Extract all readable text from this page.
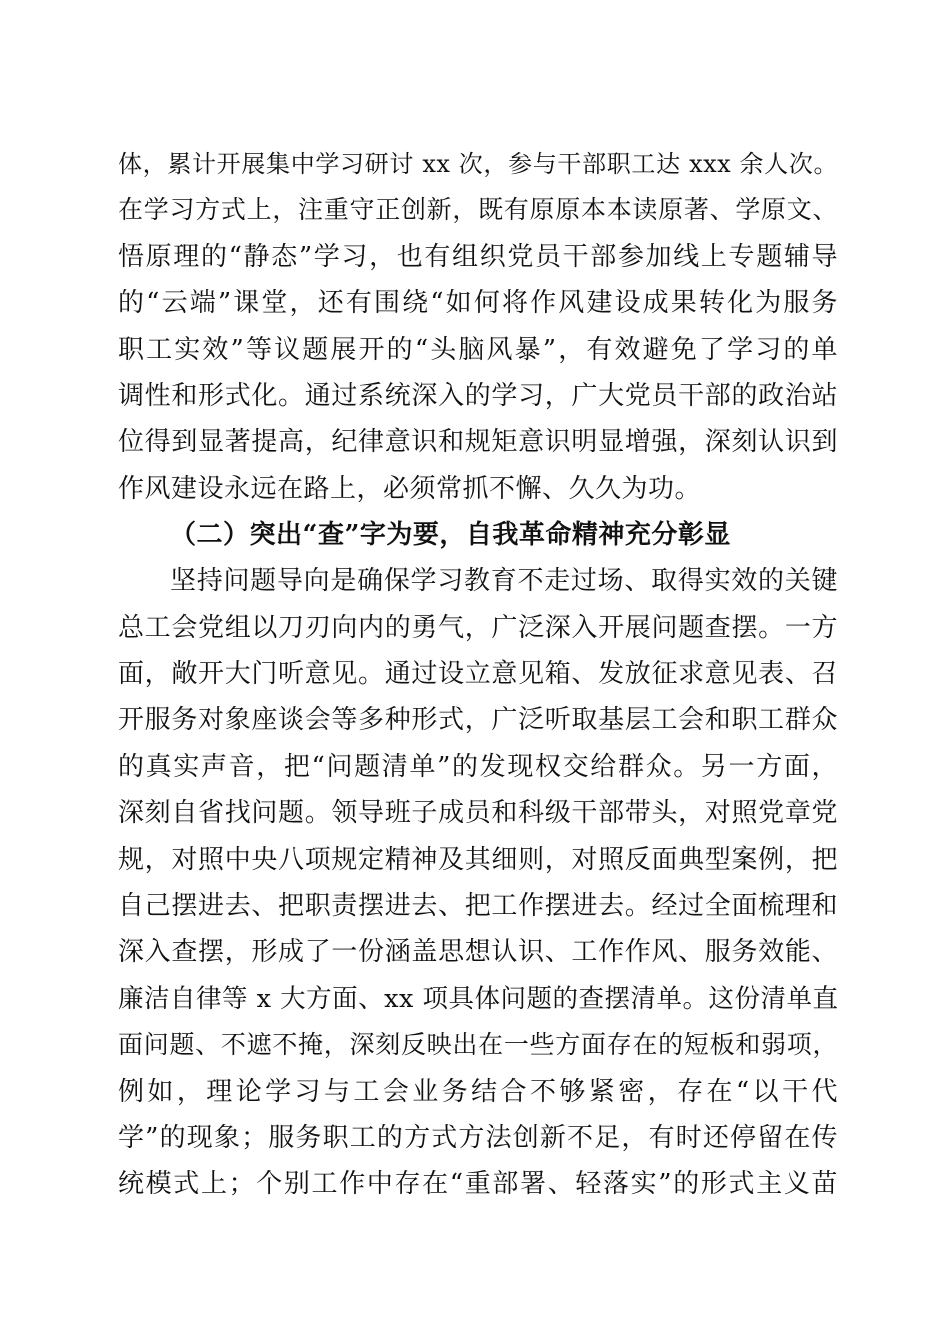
体，累计开展集中学习研讨 xx 次，参与干部职工达 xxx 余人次。
在学习方式上，注重守正创新，既有原原本本读原著、学原文、
悟原理的“静态”学习，也有组织党员干部参加线上专题辅导
的“云端”课堂，还有围绕“如何将作风建设成果转化为服务
职工实效”等议题展开的“头脑风暴”，有效避免了学习的单
调性和形式化。通过系统深入的学习，广大党员干部的政治站
位得到显著提高，纪律意识和规矩意识明显增强，深刻认识到
作风建设永远在路上，必须常抓不懈、久久为功。
（二）突出“查”字为要，自我革命精神充分彰显
坚持问题导向是确保学习教育不走过场、取得实效的关键
总工会党组以刀刃向内的勇气，广泛深入开展问题查摆。一方
面，敞开大门听意见。通过设立意见箱、发放征求意见表、召
开服务对象座谈会等多种形式，广泛听取基层工会和职工群众
的真实声音，把“问题清单”的发现权交给群众。另一方面，
深刻自省找问题。领导班子成员和科级干部带头，对照党章党
规，对照中央八项规定精神及其细则，对照反面典型案例，把
自己摆进去、把职责摆进去、把工作摆进去。经过全面梳理和
深入查摆，形成了一份涵盖思想认识、工作作风、服务效能、
廉洁自律等 x 大方面、xx 项具体问题的查摆清单。这份清单直
面问题、不遮不掩，深刻反映出在一些方面存在的短板和弱项，
例如，理论学习与工会业务结合不够紧密，存在“以干代
学”的现象；服务职工的方式方法创新不足，有时还停留在传
统模式上；个别工作中存在“重部署、轻落实”的形式主义苗
